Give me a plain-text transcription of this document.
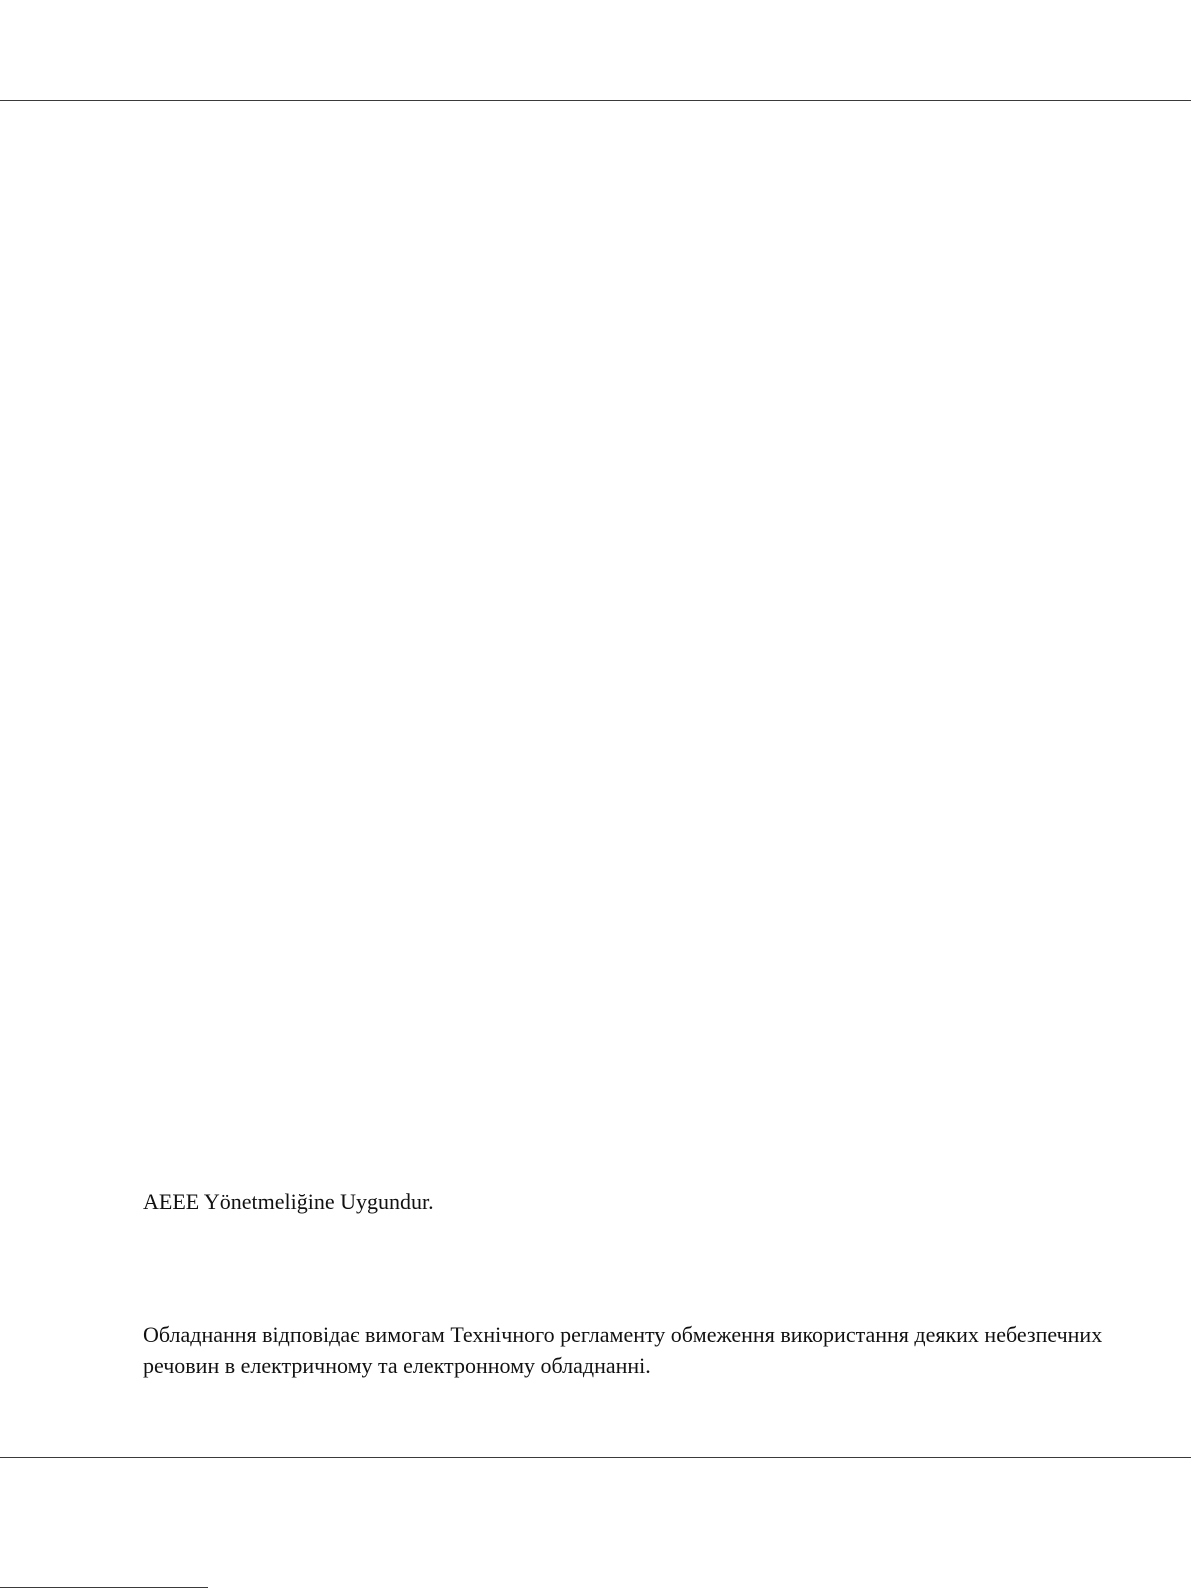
AEEE Yönetmeliğine Uygundur.

Обладнання відповідає вимогам Технічного регламенту обмеження використання деяких небезпечних речовин в електричному та електронному обладнанні.
